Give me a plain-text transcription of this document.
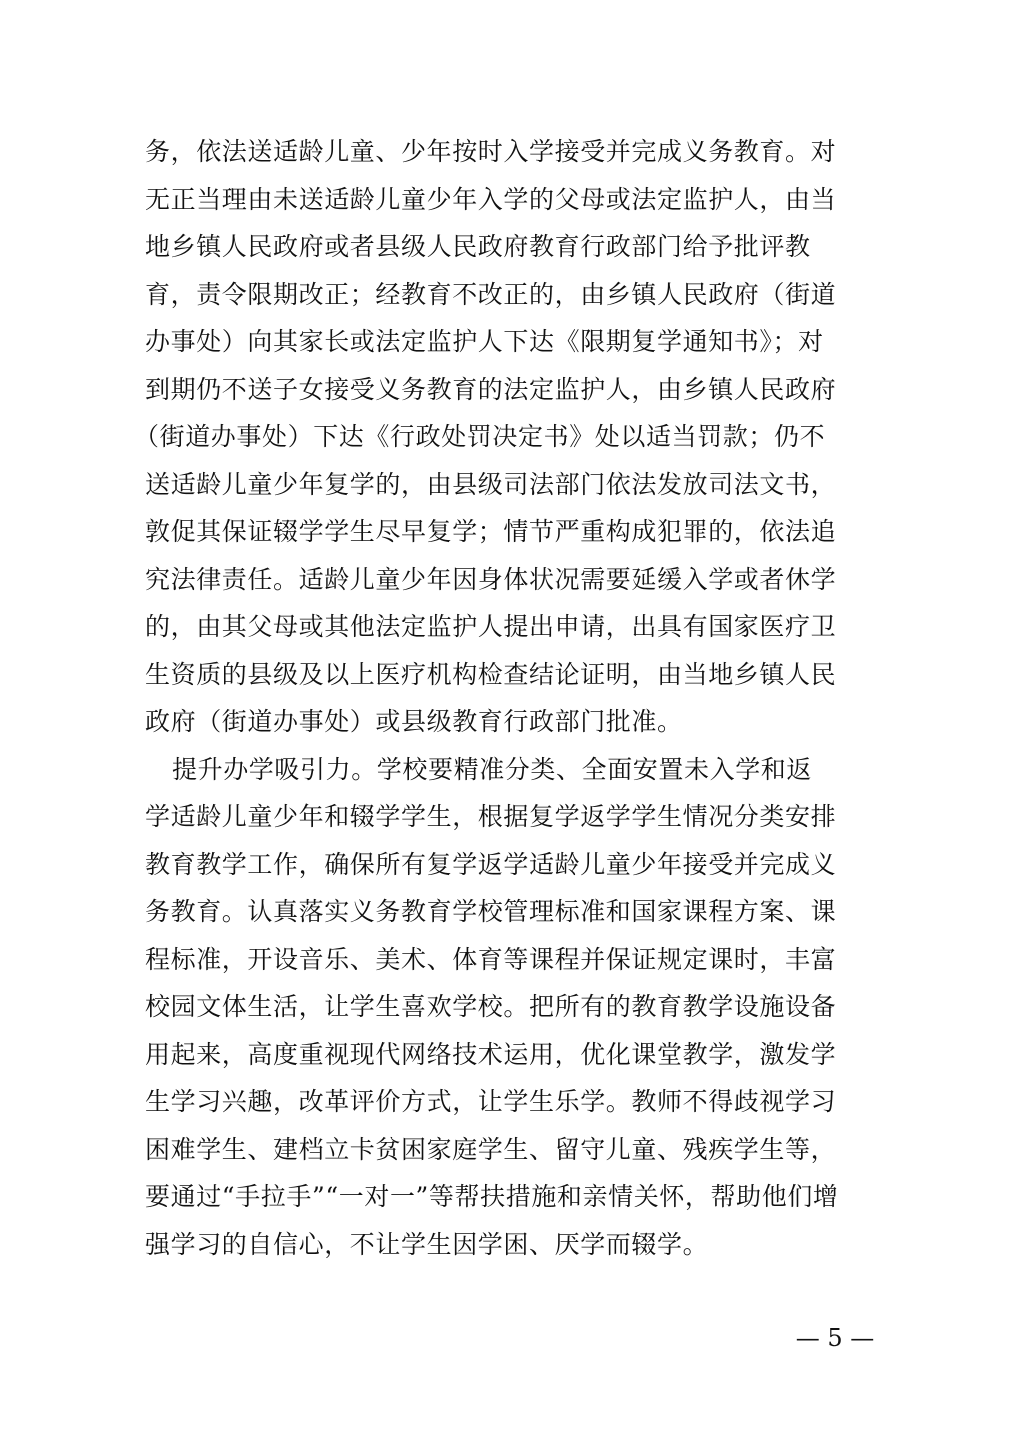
务，依法送适龄儿童、少年按时入学接受并完成义务教育。对
无正当理由未送适龄儿童少年入学的父母或法定监护人，由当
地乡镇人民政府或者县级人民政府教育行政部门给予批评教
育，责令限期改正；经教育不改正的，由乡镇人民政府（街道
办事处）向其家长或法定监护人下达《限期复学通知书》；对
到期仍不送子女接受义务教育的法定监护人，由乡镇人民政府
（街道办事处）下达《行政处罚决定书》处以适当罚款；仍不
送适龄儿童少年复学的，由县级司法部门依法发放司法文书，
敦促其保证辍学学生尽早复学；情节严重构成犯罪的，依法追
究法律责任。适龄儿童少年因身体状况需要延缓入学或者休学
的，由其父母或其他法定监护人提出申请，出具有国家医疗卫
生资质的县级及以上医疗机构检查结论证明，由当地乡镇人民
政府（街道办事处）或县级教育行政部门批准。
提升办学吸引力。学校要精准分类、全面安置未入学和返
学适龄儿童少年和辍学学生，根据复学返学学生情况分类安排
教育教学工作，确保所有复学返学适龄儿童少年接受并完成义
务教育。认真落实义务教育学校管理标准和国家课程方案、课
程标准，开设音乐、美术、体育等课程并保证规定课时，丰富
校园文体生活，让学生喜欢学校。把所有的教育教学设施设备
用起来，高度重视现代网络技术运用，优化课堂教学，激发学
生学习兴趣，改革评价方式，让学生乐学。教师不得歧视学习
困难学生、建档立卡贫困家庭学生、留守儿童、残疾学生等，
要通过“手拉手”“一对一”等帮扶措施和亲情关怀，帮助他们增
强学习的自信心，不让学生因学困、厌学而辍学。
— 5 —
